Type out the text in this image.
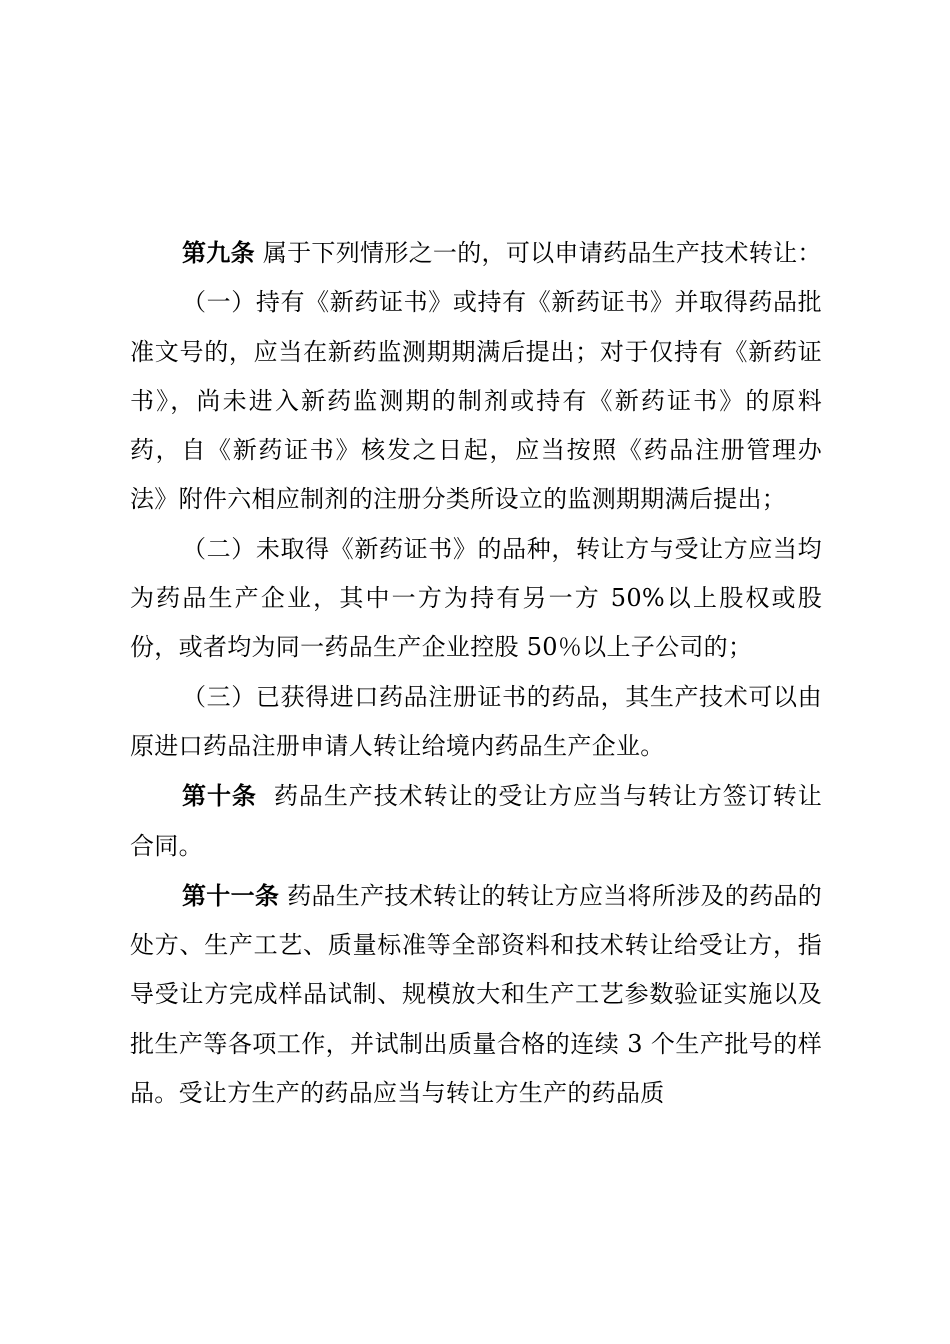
第九条 属于下列情形之一的，可以申请药品生产技术转让：

（一）持有《新药证书》或持有《新药证书》并取得药品批准文号的，应当在新药监测期期满后提出；对于仅持有《新药证书》，尚未进入新药监测期的制剂或持有《新药证书》的原料药，自《新药证书》核发之日起，应当按照《药品注册管理办法》附件六相应制剂的注册分类所设立的监测期期满后提出；

（二）未取得《新药证书》的品种，转让方与受让方应当均为药品生产企业，其中一方为持有另一方 50%以上股权或股份，或者均为同一药品生产企业控股 50％以上子公司的；

（三）已获得进口药品注册证书的药品，其生产技术可以由原进口药品注册申请人转让给境内药品生产企业。

第十条  药品生产技术转让的受让方应当与转让方签订转让合同。

第十一条 药品生产技术转让的转让方应当将所涉及的药品的处方、生产工艺、质量标准等全部资料和技术转让给受让方，指导受让方完成样品试制、规模放大和生产工艺参数验证实施以及批生产等各项工作，并试制出质量合格的连续 3 个生产批号的样品。受让方生产的药品应当与转让方生产的药品质
